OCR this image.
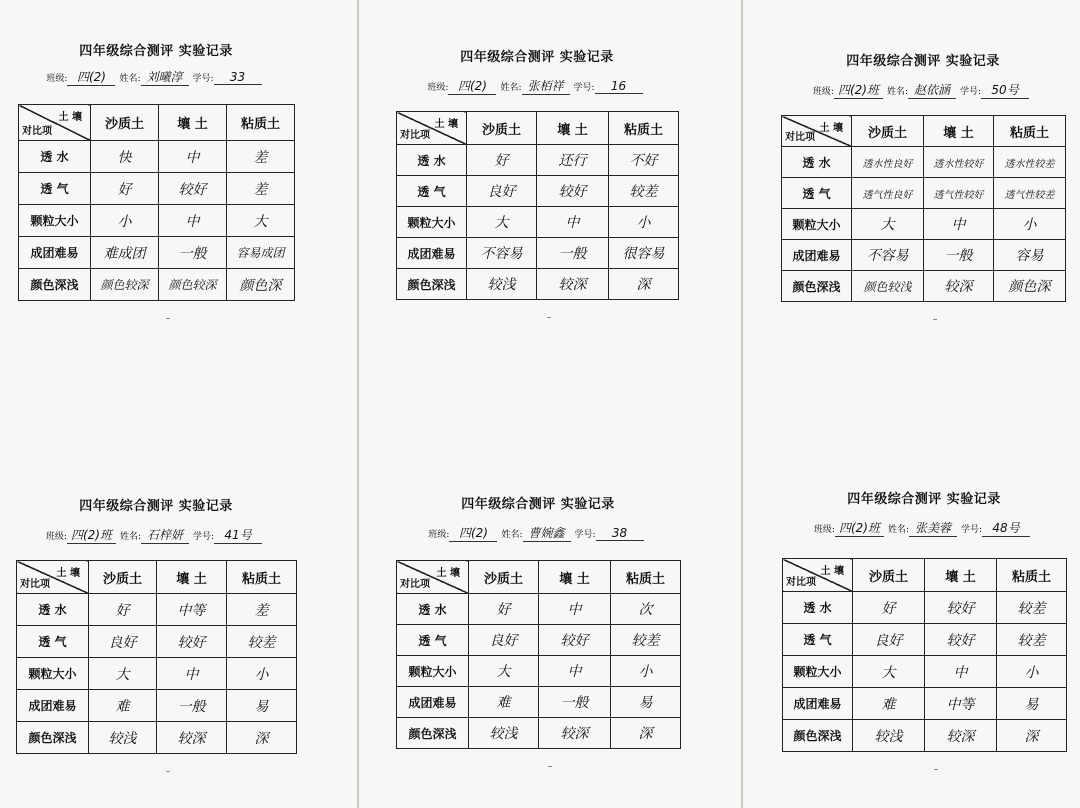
四年级综合测评 实验记录
班级: 四(2) 姓名: 刘曦淳 学号: 33
土 壤
对比项	沙质土	壤 土	粘质土
透 水	快	中	差
透 气	好	较好	差
颗粒大小	小	中	大
成团难易	难成团	一般	容易成团
颜色深浅	颜色较深	颜色较深	颜色深
四年级综合测评 实验记录
班级: 四(2) 姓名: 张栢祥 学号: 16
土 壤
对比项	沙质土	壤 土	粘质土
透 水	好	还行	不好
透 气	良好	较好	较差
颗粒大小	大	中	小
成团难易	不容易	一般	很容易
颜色深浅	较浅	较深	深
四年级综合测评 实验记录
班级: 四(2)班 姓名: 赵依涵 学号: 50号
土 壤
对比项	沙质土	壤 土	粘质土
透 水	透水性良好	透水性较好	透水性较差
透 气	透气性良好	透气性较好	透气性较差
颗粒大小	大	中	小
成团难易	不容易	一般	容易
颜色深浅	颜色较浅	较深	颜色深
四年级综合测评 实验记录
班级: 四(2)班 姓名: 石梓妍 学号: 41号
土 壤
对比项	沙质土	壤 土	粘质土
透 水	好	中等	差
透 气	良好	较好	较差
颗粒大小	大	中	小
成团难易	难	一般	易
颜色深浅	较浅	较深	深
四年级综合测评 实验记录
班级: 四(2) 姓名: 曹婉鑫 学号: 38
土 壤
对比项	沙质土	壤 土	粘质土
透 水	好	中	次
透 气	良好	较好	较差
颗粒大小	大	中	小
成团难易	难	一般	易
颜色深浅	较浅	较深	深
四年级综合测评 实验记录
班级: 四(2)班 姓名: 张美蓉 学号: 48号
土 壤
对比项	沙质土	壤 土	粘质土
透 水	好	较好	较差
透 气	良好	较好	较差
颗粒大小	大	中	小
成团难易	难	中等	易
颜色深浅	较浅	较深	深
